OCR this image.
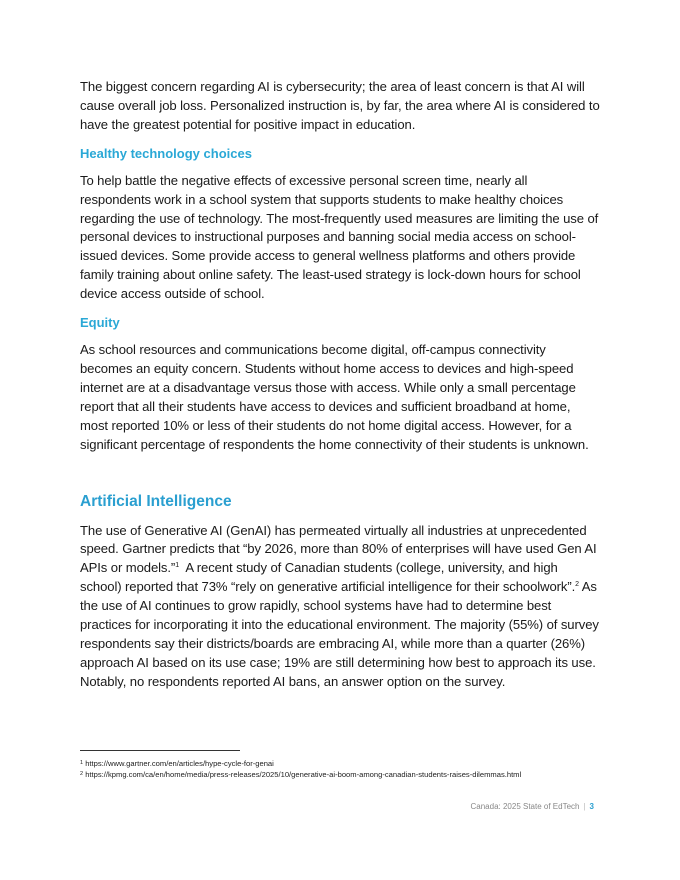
The biggest concern regarding AI is cybersecurity; the area of least concern is that AI will cause overall job loss. Personalized instruction is, by far, the area where AI is considered to have the greatest potential for positive impact in education.

Healthy technology choices

To help battle the negative effects of excessive personal screen time, nearly all respondents work in a school system that supports students to make healthy choices regarding the use of technology. The most-frequently used measures are limiting the use of personal devices to instructional purposes and banning social media access on school-issued devices. Some provide access to general wellness platforms and others provide family training about online safety. The least-used strategy is lock-down hours for school device access outside of school.

Equity

As school resources and communications become digital, off-campus connectivity becomes an equity concern. Students without home access to devices and high-speed internet are at a disadvantage versus those with access. While only a small percentage report that all their students have access to devices and sufficient broadband at home, most reported 10% or less of their students do not home digital access. However, for a significant percentage of respondents the home connectivity of their students is unknown.

Artificial Intelligence

The use of Generative AI (GenAI) has permeated virtually all industries at unprecedented speed. Gartner predicts that “by 2026, more than 80% of enterprises will have used Gen AI APIs or models.”$^1$  A recent study of Canadian students (college, university, and high school) reported that 73% “rely on generative artificial intelligence for their schoolwork”.$^2$ As the use of AI continues to grow rapidly, school systems have had to determine best practices for incorporating it into the educational environment. The majority (55%) of survey respondents say their districts/boards are embracing AI, while more than a quarter (26%) approach AI based on its use case; 19% are still determining how best to approach its use. Notably, no respondents reported AI bans, an answer option on the survey.

$^1$ https://www.gartner.com/en/articles/hype-cycle-for-genai
$^2$ https://kpmg.com/ca/en/home/media/press-releases/2025/10/generative-ai-boom-among-canadian-students-raises-dilemmas.html
Canada: 2025 State of EdTech | 3
